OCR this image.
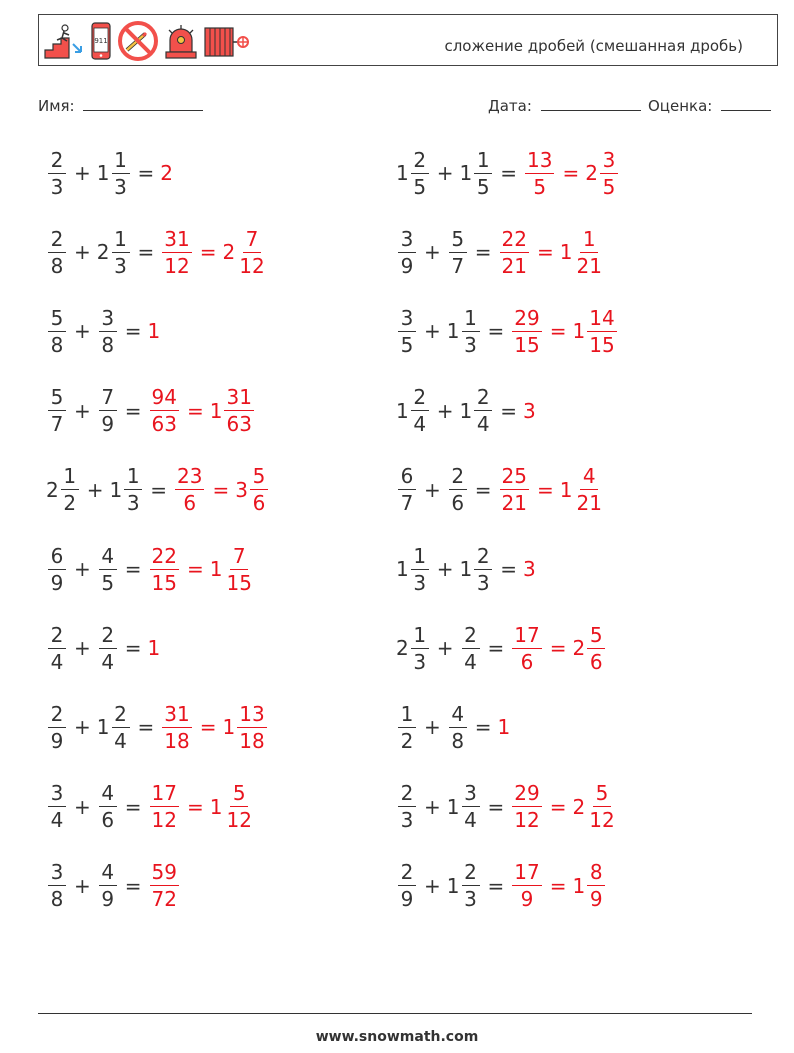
911	сложение дробей (смешанная дробь)
Имя:	Дата:	Оценка:
$\frac{2}{3} + 1 \frac{1}{3} = 2$	$1 \frac{2}{5} + 1 \frac{1}{5} = \frac{13}{5} = 2 \frac{3}{5}$
$\frac{2}{8} + 2 \frac{1}{3} = \frac{31}{12} = 2 \frac{7}{12}$	$\frac{3}{9} + \frac{5}{7} = \frac{22}{21} = 1 \frac{1}{21}$
$\frac{5}{8} + \frac{3}{8} = 1$	$\frac{3}{5} + 1 \frac{1}{3} = \frac{29}{15} = 1 \frac{14}{15}$
$\frac{5}{7} + \frac{7}{9} = \frac{94}{63} = 1 \frac{31}{63}$	$1 \frac{2}{4} + 1 \frac{2}{4} = 3$
$2 \frac{1}{2} + 1 \frac{1}{3} = \frac{23}{6} = 3 \frac{5}{6}$	$\frac{6}{7} + \frac{2}{6} = \frac{25}{21} = 1 \frac{4}{21}$
$\frac{6}{9} + \frac{4}{5} = \frac{22}{15} = 1 \frac{7}{15}$	$1 \frac{1}{3} + 1 \frac{2}{3} = 3$
$\frac{2}{4} + \frac{2}{4} = 1$	$2 \frac{1}{3} + \frac{2}{4} = \frac{17}{6} = 2 \frac{5}{6}$
$\frac{2}{9} + 1 \frac{2}{4} = \frac{31}{18} = 1 \frac{13}{18}$	$\frac{1}{2} + \frac{4}{8} = 1$
$\frac{3}{4} + \frac{4}{6} = \frac{17}{12} = 1 \frac{5}{12}$	$\frac{2}{3} + 1 \frac{3}{4} = \frac{29}{12} = 2 \frac{5}{12}$
$\frac{3}{8} + \frac{4}{9} = \frac{59}{72}$	$\frac{2}{9} + 1 \frac{2}{3} = \frac{17}{9} = 1 \frac{8}{9}$
www.snowmath.com
